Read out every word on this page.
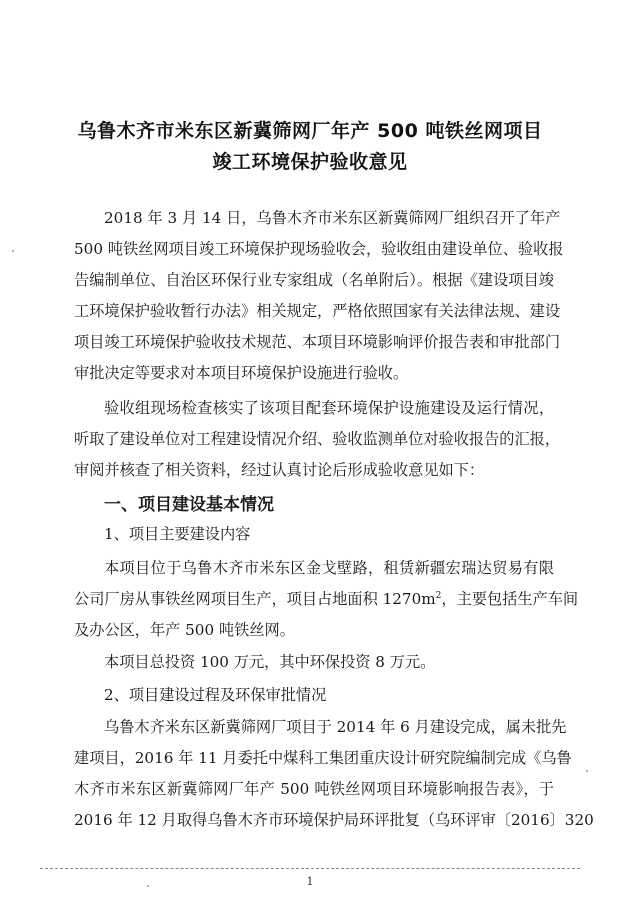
乌鲁木齐市米东区新冀筛网厂年产 500 吨铁丝网项目
竣工环境保护验收意见
2018 年 3 月 14 日，乌鲁木齐市米东区新冀筛网厂组织召开了年产
500 吨铁丝网项目竣工环境保护现场验收会，验收组由建设单位、验收报
告编制单位、自治区环保行业专家组成（名单附后）。根据《建设项目竣
工环境保护验收暂行办法》相关规定，严格依照国家有关法律法规、建设
项目竣工环境保护验收技术规范、本项目环境影响评价报告表和审批部门
审批决定等要求对本项目环境保护设施进行验收。
验收组现场检查核实了该项目配套环境保护设施建设及运行情况，
听取了建设单位对工程建设情况介绍、验收监测单位对验收报告的汇报，
审阅并核查了相关资料，经过认真讨论后形成验收意见如下：
一、项目建设基本情况
1、项目主要建设内容
本项目位于乌鲁木齐市米东区金戈壁路，租赁新疆宏瑞达贸易有限
公司厂房从事铁丝网项目生产，项目占地面积 $1270m^2$，主要包括生产车间
及办公区，年产 500 吨铁丝网。
本项目总投资 100 万元，其中环保投资 8 万元。
2、项目建设过程及环保审批情况
乌鲁木齐米东区新冀筛网厂项目于 2014 年 6 月建设完成，属未批先
建项目，2016 年 11 月委托中煤科工集团重庆设计研究院编制完成《乌鲁
木齐市米东区新冀筛网厂年产 500 吨铁丝网项目环境影响报告表》，于
2016 年 12 月取得乌鲁木齐市环境保护局环评批复（乌环评审〔2016〕320
1
